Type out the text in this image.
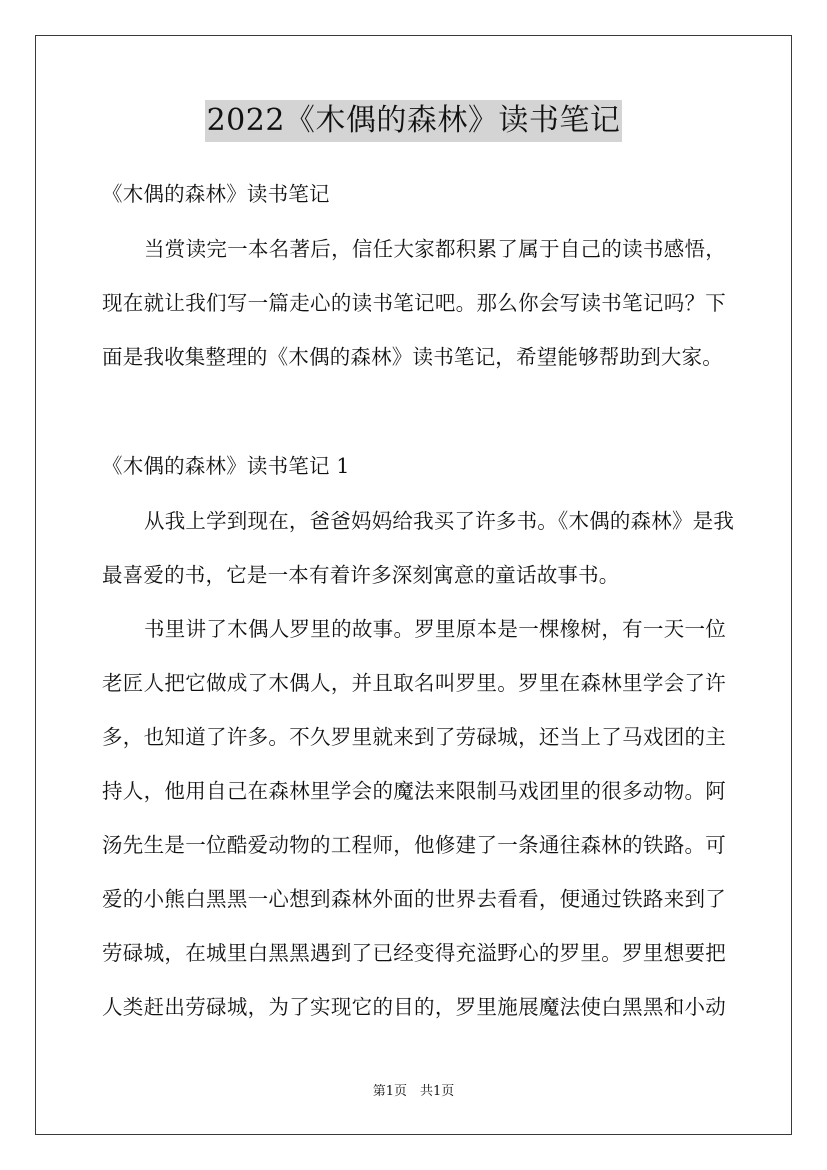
2022《木偶的森林》读书笔记
《木偶的森林》读书笔记
当赏读完一本名著后，信任大家都积累了属于自己的读书感悟，
现在就让我们写一篇走心的读书笔记吧。那么你会写读书笔记吗？下
面是我收集整理的《木偶的森林》读书笔记，希望能够帮助到大家。
《木偶的森林》读书笔记 1
从我上学到现在，爸爸妈妈给我买了许多书。《木偶的森林》是我
最喜爱的书，它是一本有着许多深刻寓意的童话故事书。
书里讲了木偶人罗里的故事。罗里原本是一棵橡树，有一天一位
老匠人把它做成了木偶人，并且取名叫罗里。罗里在森林里学会了许
多，也知道了许多。不久罗里就来到了劳碌城，还当上了马戏团的主
持人，他用自己在森林里学会的魔法来限制马戏团里的很多动物。阿
汤先生是一位酷爱动物的工程师，他修建了一条通往森林的铁路。可
爱的小熊白黑黑一心想到森林外面的世界去看看，便通过铁路来到了
劳碌城，在城里白黑黑遇到了已经变得充溢野心的罗里。罗里想要把
人类赶出劳碌城，为了实现它的目的，罗里施展魔法使白黑黑和小动
第1页　共1页
